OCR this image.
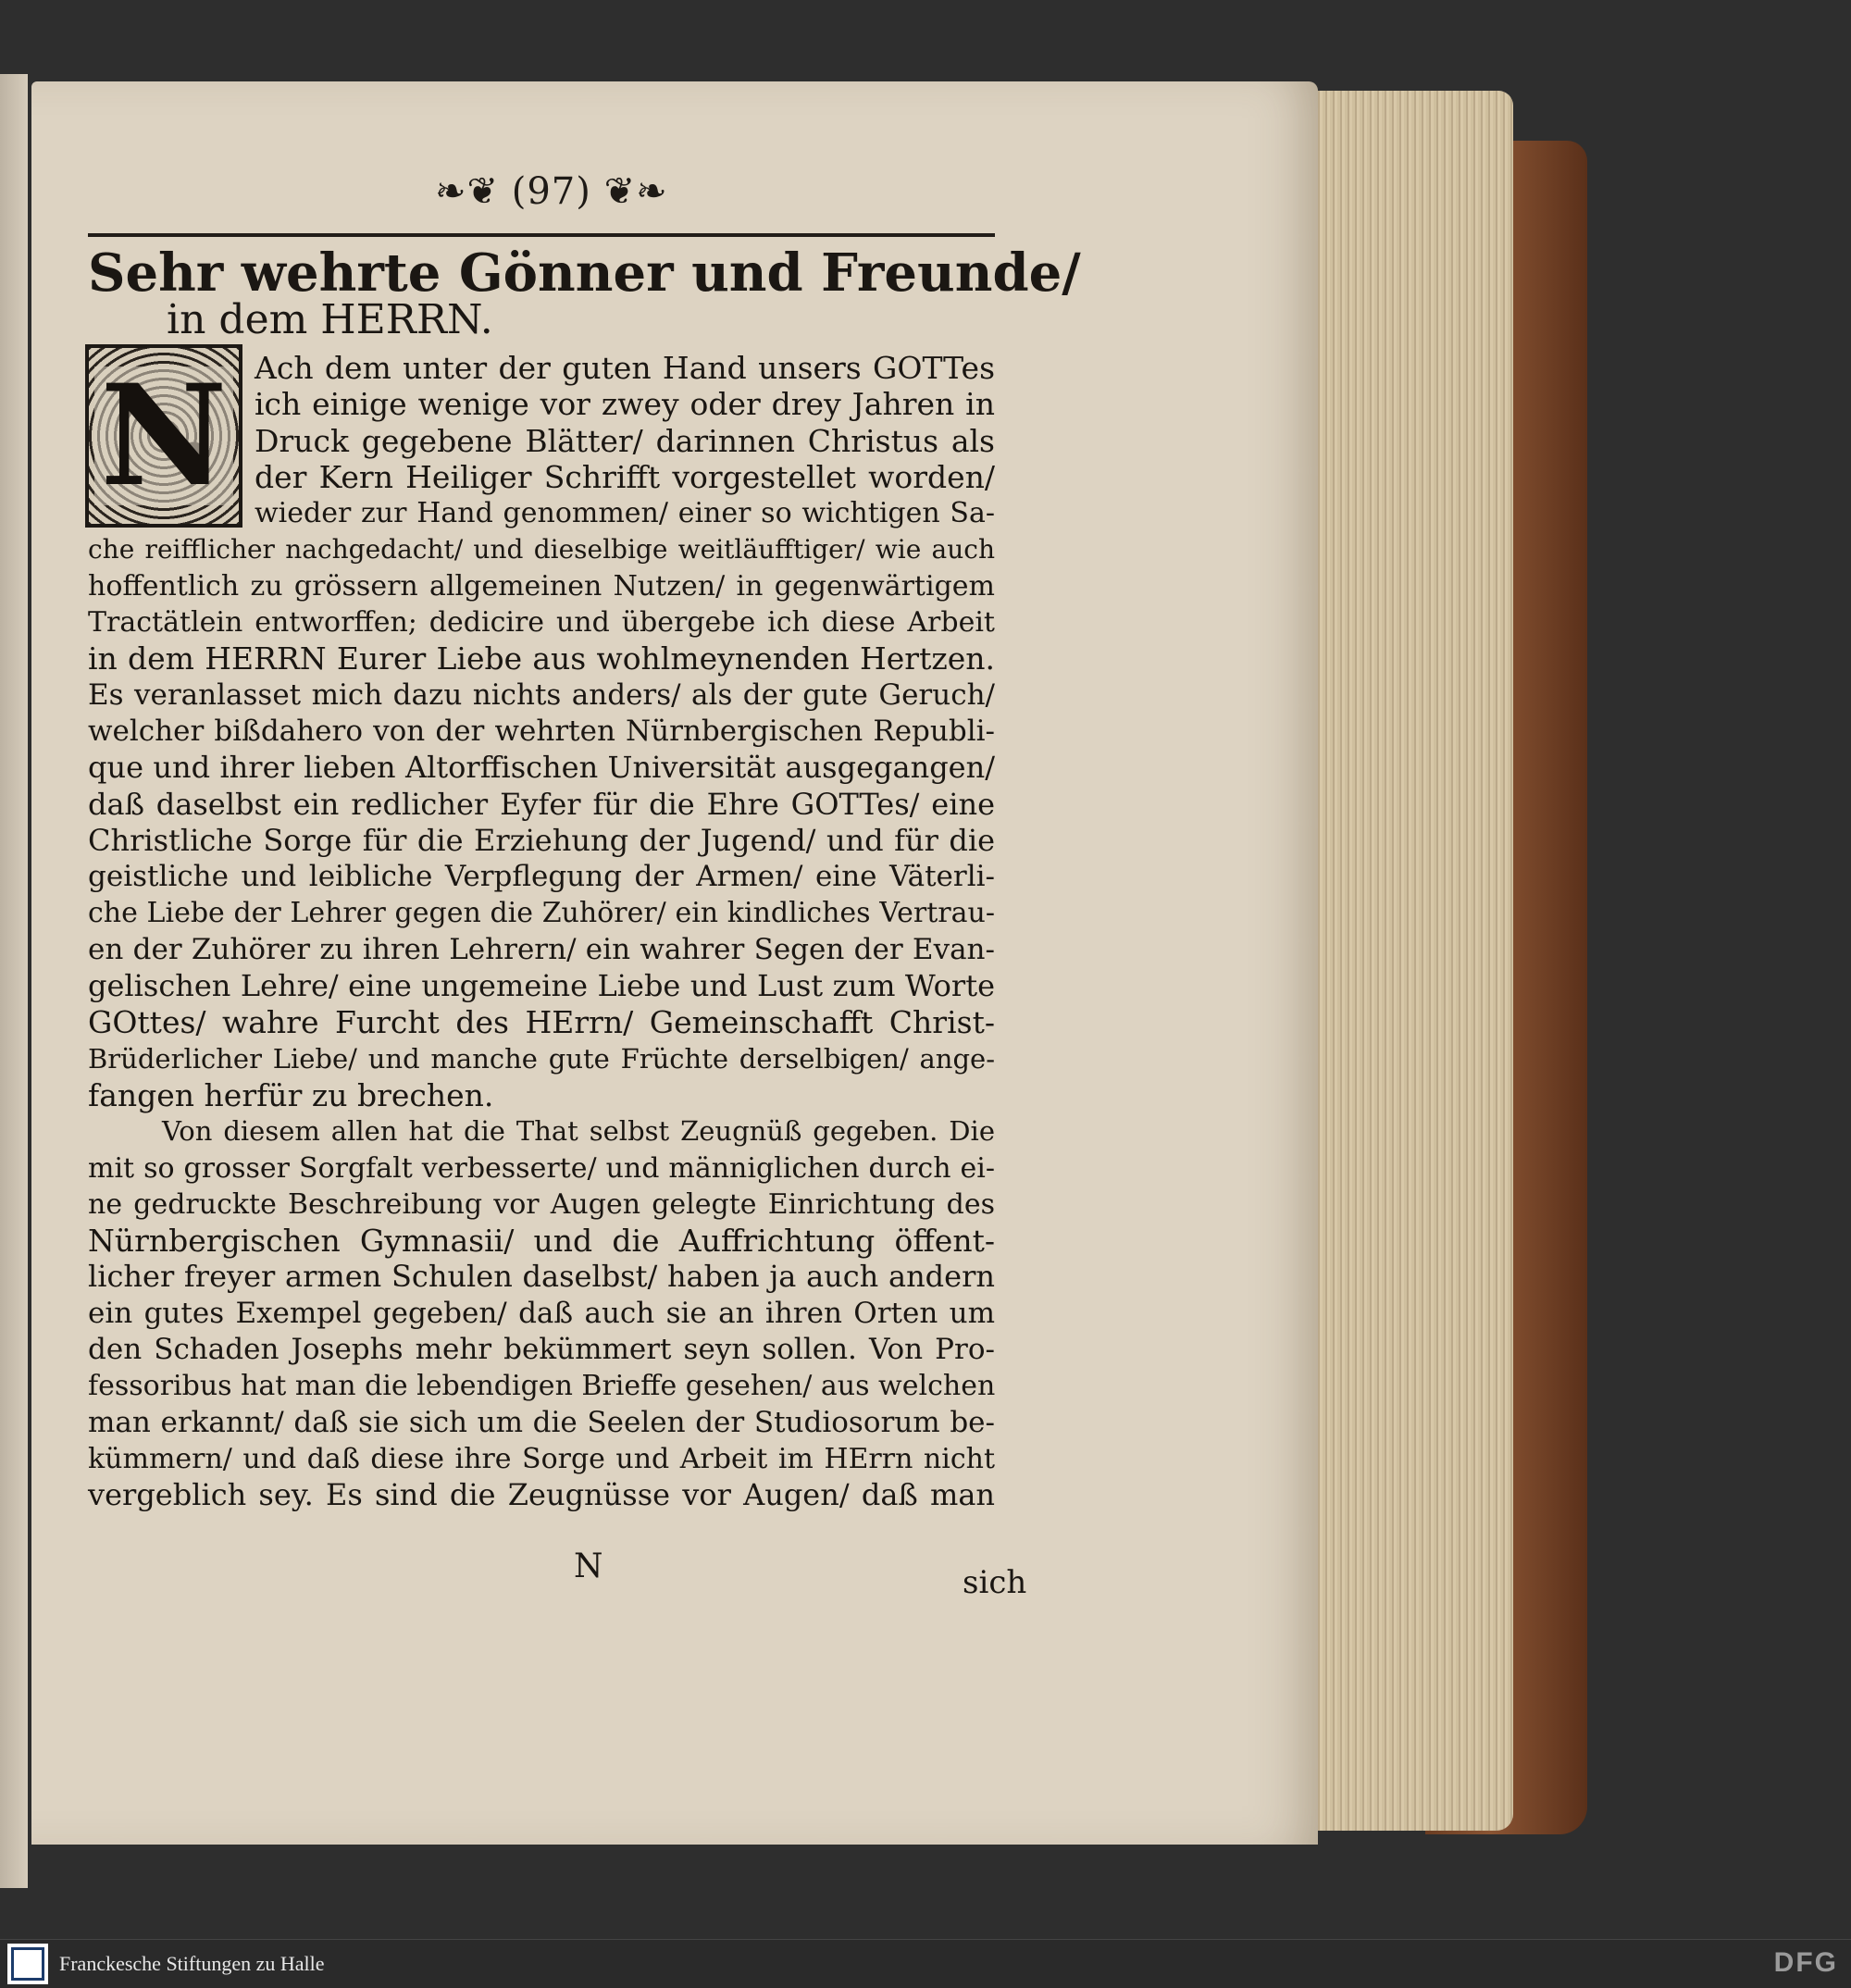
❧❦ (97) ❦❧
Sehr wehrte Gönner und Freunde/
in dem HERRN.
N Ach dem unter der guten Hand unsers GOTTes
ich einige wenige vor zwey oder drey Jahren in
Druck gegebene Blätter/ darinnen Christus als
der Kern Heiliger Schrifft vorgestellet worden/
wieder zur Hand genommen/ einer so wichtigen Sa-
che reifflicher nachgedacht/ und dieselbige weitläufftiger/ wie auch
hoffentlich zu grössern allgemeinen Nutzen/ in gegenwärtigem
Tractätlein entworffen; dedicire und übergebe ich diese Arbeit
in dem HERRN Eurer Liebe aus wohlmeynenden Hertzen.
Es veranlasset mich dazu nichts anders/ als der gute Geruch/
welcher bißdahero von der wehrten Nürnbergischen Republi-
que und ihrer lieben Altorffischen Universität ausgegangen/
daß daselbst ein redlicher Eyfer für die Ehre GOTTes/ eine
Christliche Sorge für die Erziehung der Jugend/ und für die
geistliche und leibliche Verpflegung der Armen/ eine Väterli-
che Liebe der Lehrer gegen die Zuhörer/ ein kindliches Vertrau-
en der Zuhörer zu ihren Lehrern/ ein wahrer Segen der Evan-
gelischen Lehre/ eine ungemeine Liebe und Lust zum Worte
GOttes/ wahre Furcht des HErrn/ Gemeinschafft Christ-
Brüderlicher Liebe/ und manche gute Früchte derselbigen/ ange-
fangen herfür zu brechen.
Von diesem allen hat die That selbst Zeugnüß gegeben. Die
mit so grosser Sorgfalt verbesserte/ und männiglichen durch ei-
ne gedruckte Beschreibung vor Augen gelegte Einrichtung des
Nürnbergischen Gymnasii/ und die Auffrichtung öffent-
licher freyer armen Schulen daselbst/ haben ja auch andern
ein gutes Exempel gegeben/ daß auch sie an ihren Orten um
den Schaden Josephs mehr bekümmert seyn sollen. Von Pro-
fessoribus hat man die lebendigen Brieffe gesehen/ aus welchen
man erkannt/ daß sie sich um die Seelen der Studiosorum be-
kümmern/ und daß diese ihre Sorge und Arbeit im HErrn nicht
vergeblich sey. Es sind die Zeugnüsse vor Augen/ daß man
N	sich
Franckesche Stiftungen zu Halle	DFG
